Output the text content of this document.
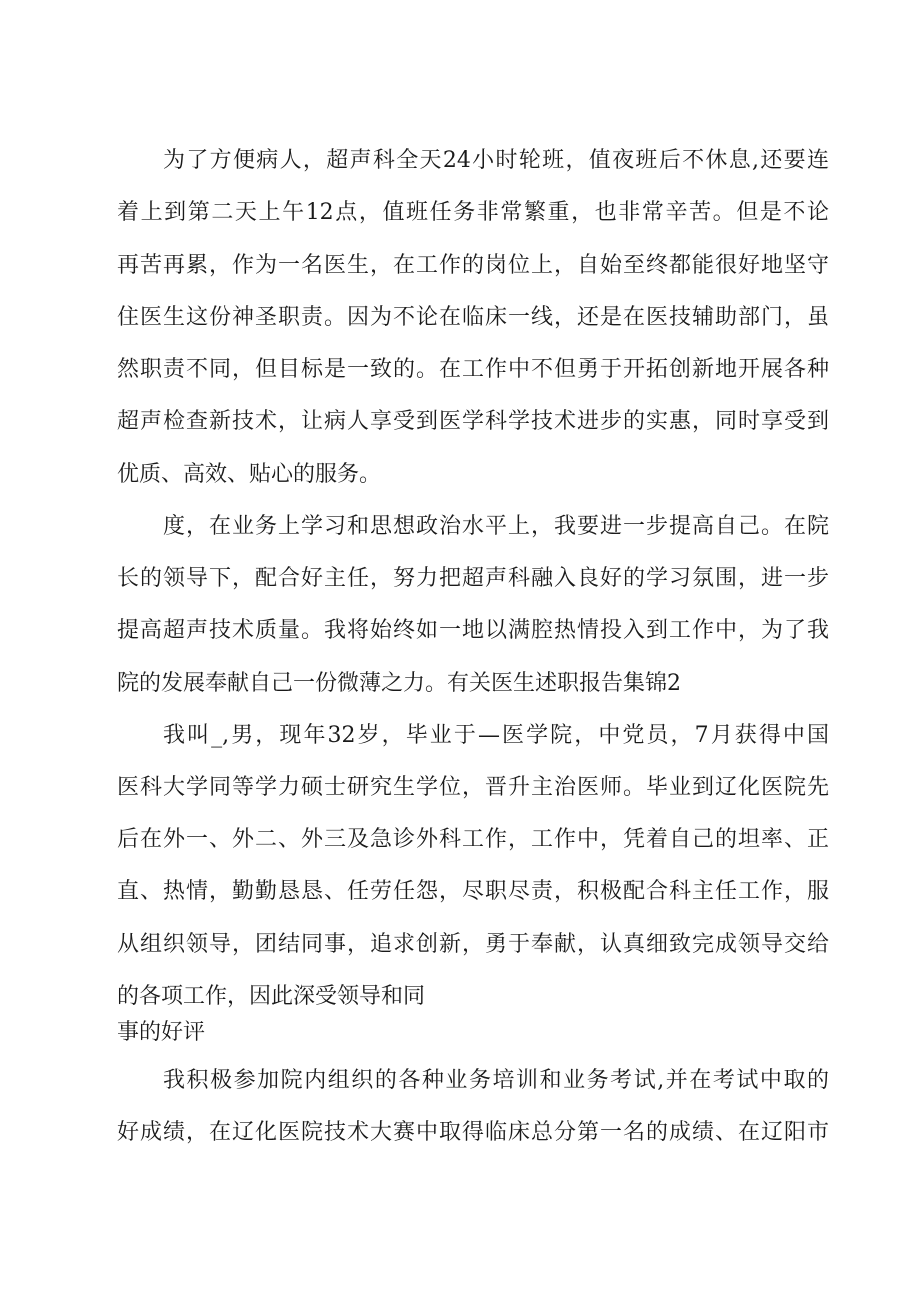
为了方便病人，超声科全天24小时轮班，值夜班后不休息,还要连
着上到第二天上午12点，值班任务非常繁重，也非常辛苦。但是不论
再苦再累，作为一名医生，在工作的岗位上，自始至终都能很好地坚守
住医生这份神圣职责。因为不论在临床一线，还是在医技辅助部门，虽
然职责不同，但目标是一致的。在工作中不但勇于开拓创新地开展各种
超声检查新技术，让病人享受到医学科学技术进步的实惠，同时享受到
优质、高效、贴心的服务。
度，在业务上学习和思想政治水平上，我要进一步提高自己。在院
长的领导下，配合好主任，努力把超声科融入良好的学习氛围，进一步
提高超声技术质量。我将始终如一地以满腔热情投入到工作中，为了我
院的发展奉献自己一份微薄之力。有关医生述职报告集锦2
我叫_,男，现年32岁，毕业于—医学院，中党员，7月获得中国
医科大学同等学力硕士研究生学位，晋升主治医师。毕业到辽化医院先
后在外一、外二、外三及急诊外科工作，工作中，凭着自己的坦率、正
直、热情，勤勤恳恳、任劳任怨，尽职尽责，积极配合科主任工作，服
从组织领导，团结同事，追求创新，勇于奉献，认真细致完成领导交给
的各项工作，因此深受领导和同
事的好评
我积极参加院内组织的各种业务培训和业务考试,并在考试中取的
好成绩，在辽化医院技术大赛中取得临床总分第一名的成绩、在辽阳市
